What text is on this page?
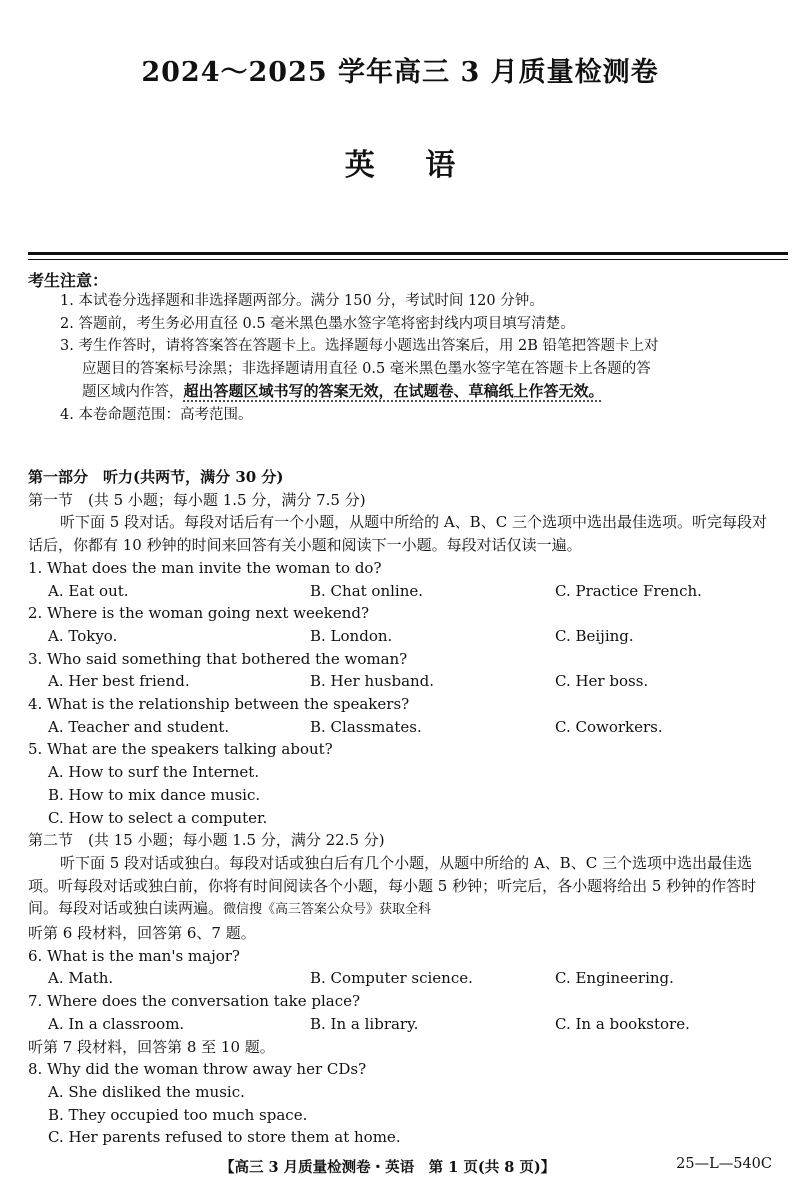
2024～2025 学年高三 3 月质量检测卷
英 语
考生注意：

1. 本试卷分选择题和非选择题两部分。满分 150 分，考试时间 120 分钟。

2. 答题前，考生务必用直径 0.5 毫米黑色墨水签字笔将密封线内项目填写清楚。

3. 考生作答时，请将答案答在答题卡上。选择题每小题选出答案后，用 2B 铅笔把答题卡上对
应题目的答案标号涂黑；非选择题请用直径 0.5 毫米黑色墨水签字笔在答题卡上各题的答
题区域内作答，超出答题区域书写的答案无效，在试题卷、草稿纸上作答无效。

4. 本卷命题范围：高考范围。

第一部分　听力(共两节，满分 30 分)
第一节　(共 5 小题；每小题 1.5 分，满分 7.5 分)

听下面 5 段对话。每段对话后有一个小题，从题中所给的 A、B、C 三个选项中选出最佳选项。听完每段对话后，你都有 10 秒钟的时间来回答有关小题和阅读下一小题。每段对话仅读一遍。

1. What does the man invite the woman to do?
A. Eat out.	B. Chat online.	C. Practice French.
2. Where is the woman going next weekend?
A. Tokyo.	B. London.	C. Beijing.
3. Who said something that bothered the woman?
A. Her best friend.	B. Her husband.	C. Her boss.
4. What is the relationship between the speakers?
A. Teacher and student.	B. Classmates.	C. Coworkers.
5. What are the speakers talking about?
A. How to surf the Internet.
B. How to mix dance music.
C. How to select a computer.
第二节　(共 15 小题；每小题 1.5 分，满分 22.5 分)

听下面 5 段对话或独白。每段对话或独白后有几个小题，从题中所给的 A、B、C 三个选项中选出最佳选项。听每段对话或独白前，你将有时间阅读各个小题，每小题 5 秒钟；听完后，各小题将给出 5 秒钟的作答时间。每段对话或独白读两遍。微信搜《高三答案公众号》获取全科

听第 6 段材料，回答第 6、7 题。
6. What is the man's major?
A. Math.	B. Computer science.	C. Engineering.
7. Where does the conversation take place?
A. In a classroom.	B. In a library.	C. In a bookstore.
听第 7 段材料，回答第 8 至 10 题。
8. Why did the woman throw away her CDs?
A. She disliked the music.
B. They occupied too much space.
C. Her parents refused to store them at home.
【高三 3 月质量检测卷・英语　第 1 页(共 8 页)】	25—L—540C
